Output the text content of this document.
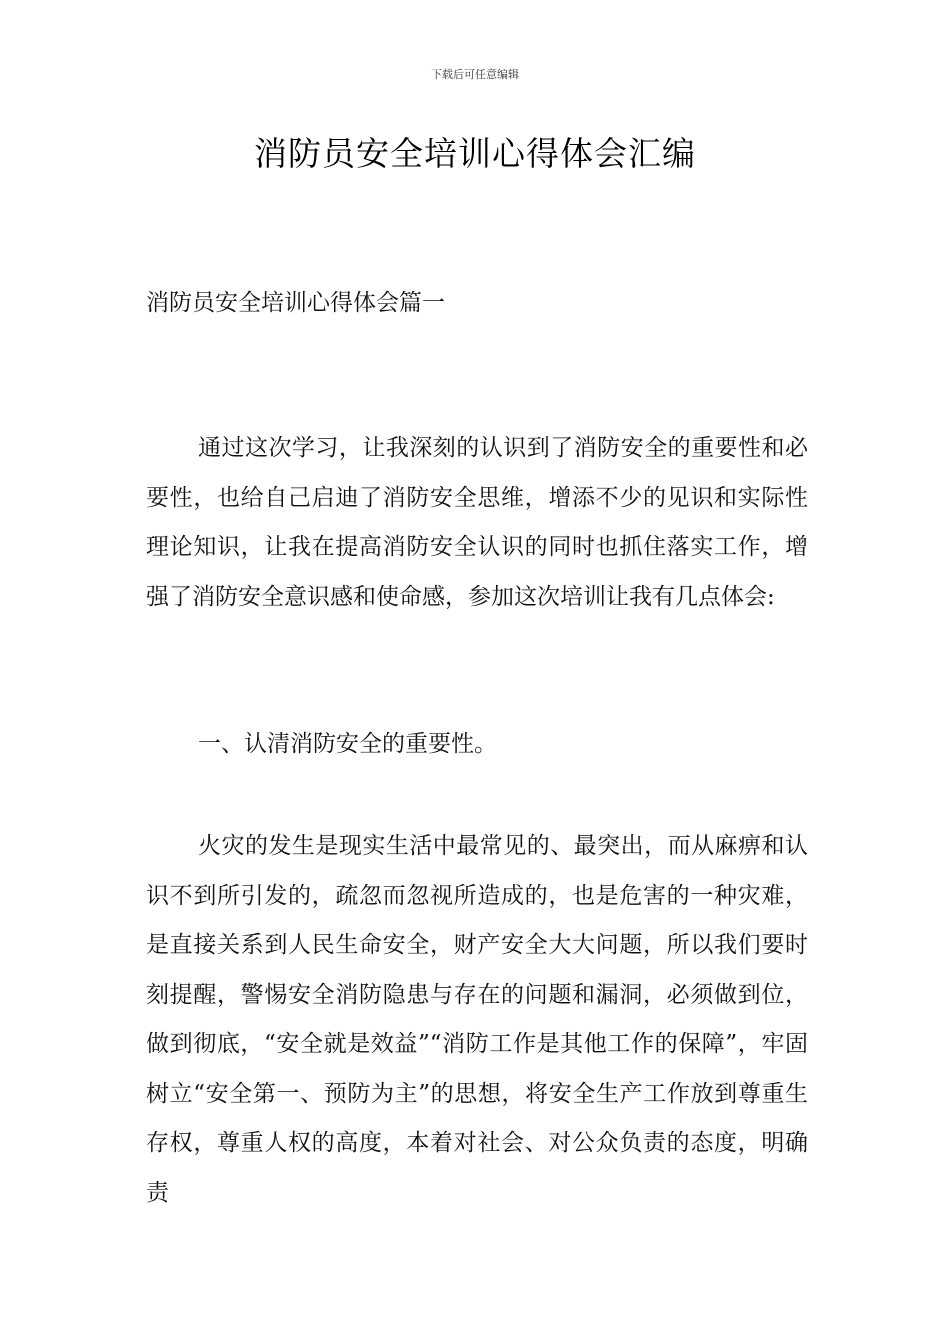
下载后可任意编辑
消防员安全培训心得体会汇编
消防员安全培训心得体会篇一

通过这次学习，让我深刻的认识到了消防安全的重要性和必要性，也给自己启迪了消防安全思维，增添不少的见识和实际性理论知识，让我在提高消防安全认识的同时也抓住落实工作，增强了消防安全意识感和使命感，参加这次培训让我有几点体会:

一、认清消防安全的重要性。

火灾的发生是现实生活中最常见的、最突出，而从麻痹和认识不到所引发的，疏忽而忽视所造成的，也是危害的一种灾难，是直接关系到人民生命安全，财产安全大大问题，所以我们要时刻提醒，警惕安全消防隐患与存在的问题和漏洞，必须做到位，做到彻底，“安全就是效益”“消防工作是其他工作的保障”，牢固树立“安全第一、预防为主”的思想，将安全生产工作放到尊重生存权，尊重人权的高度，本着对社会、对公众负责的态度，明确责
